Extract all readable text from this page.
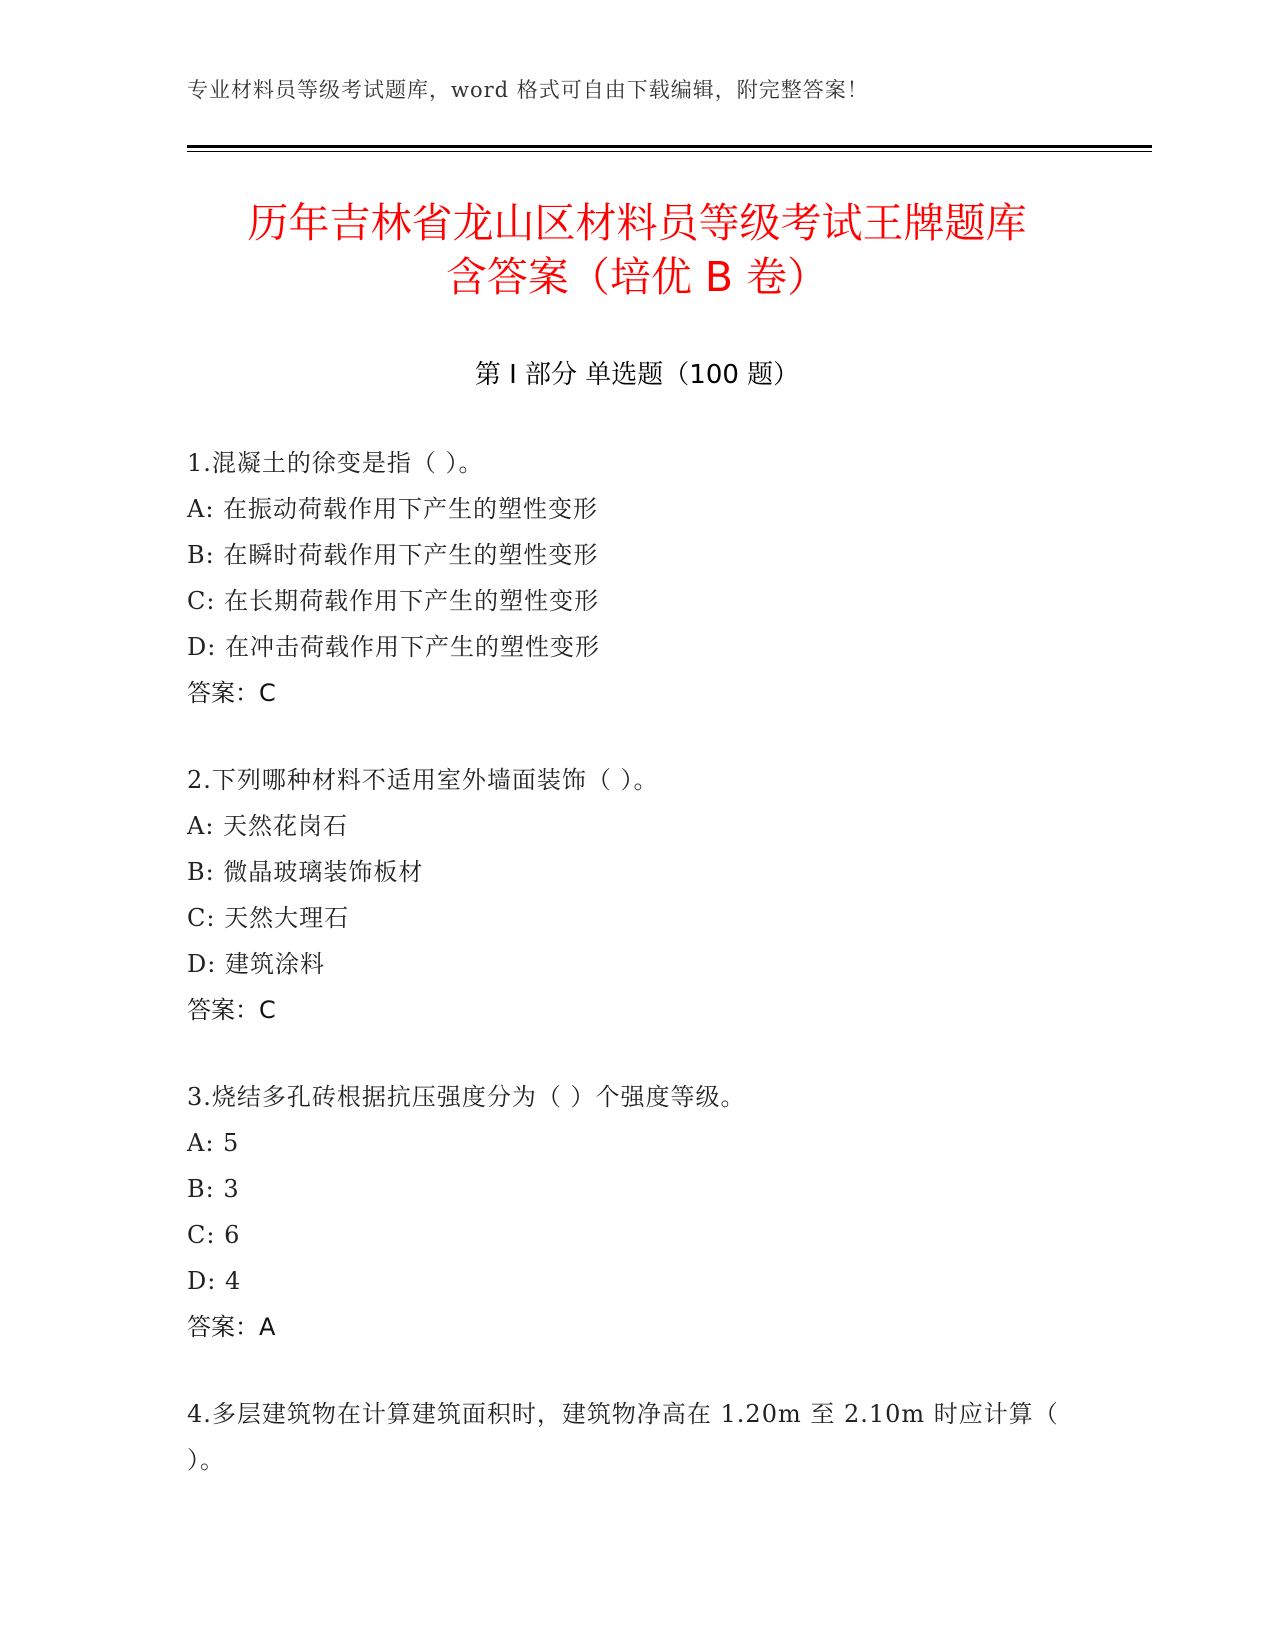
专业材料员等级考试题库，word 格式可自由下载编辑，附完整答案！
历年吉林省龙山区材料员等级考试王牌题库
含答案（培优 B 卷）
第 I 部分 单选题（100 题）
1.混凝土的徐变是指（ ）。
A: 在振动荷载作用下产生的塑性变形
B: 在瞬时荷载作用下产生的塑性变形
C: 在长期荷载作用下产生的塑性变形
D: 在冲击荷载作用下产生的塑性变形
答案：C
2.下列哪种材料不适用室外墙面装饰（ ）。
A: 天然花岗石
B: 微晶玻璃装饰板材
C: 天然大理石
D: 建筑涂料
答案：C
3.烧结多孔砖根据抗压强度分为（ ）个强度等级。
A: 5
B: 3
C: 6
D: 4
答案：A
4.多层建筑物在计算建筑面积时，建筑物净高在 1.20m 至 2.10m 时应计算（ ）。
